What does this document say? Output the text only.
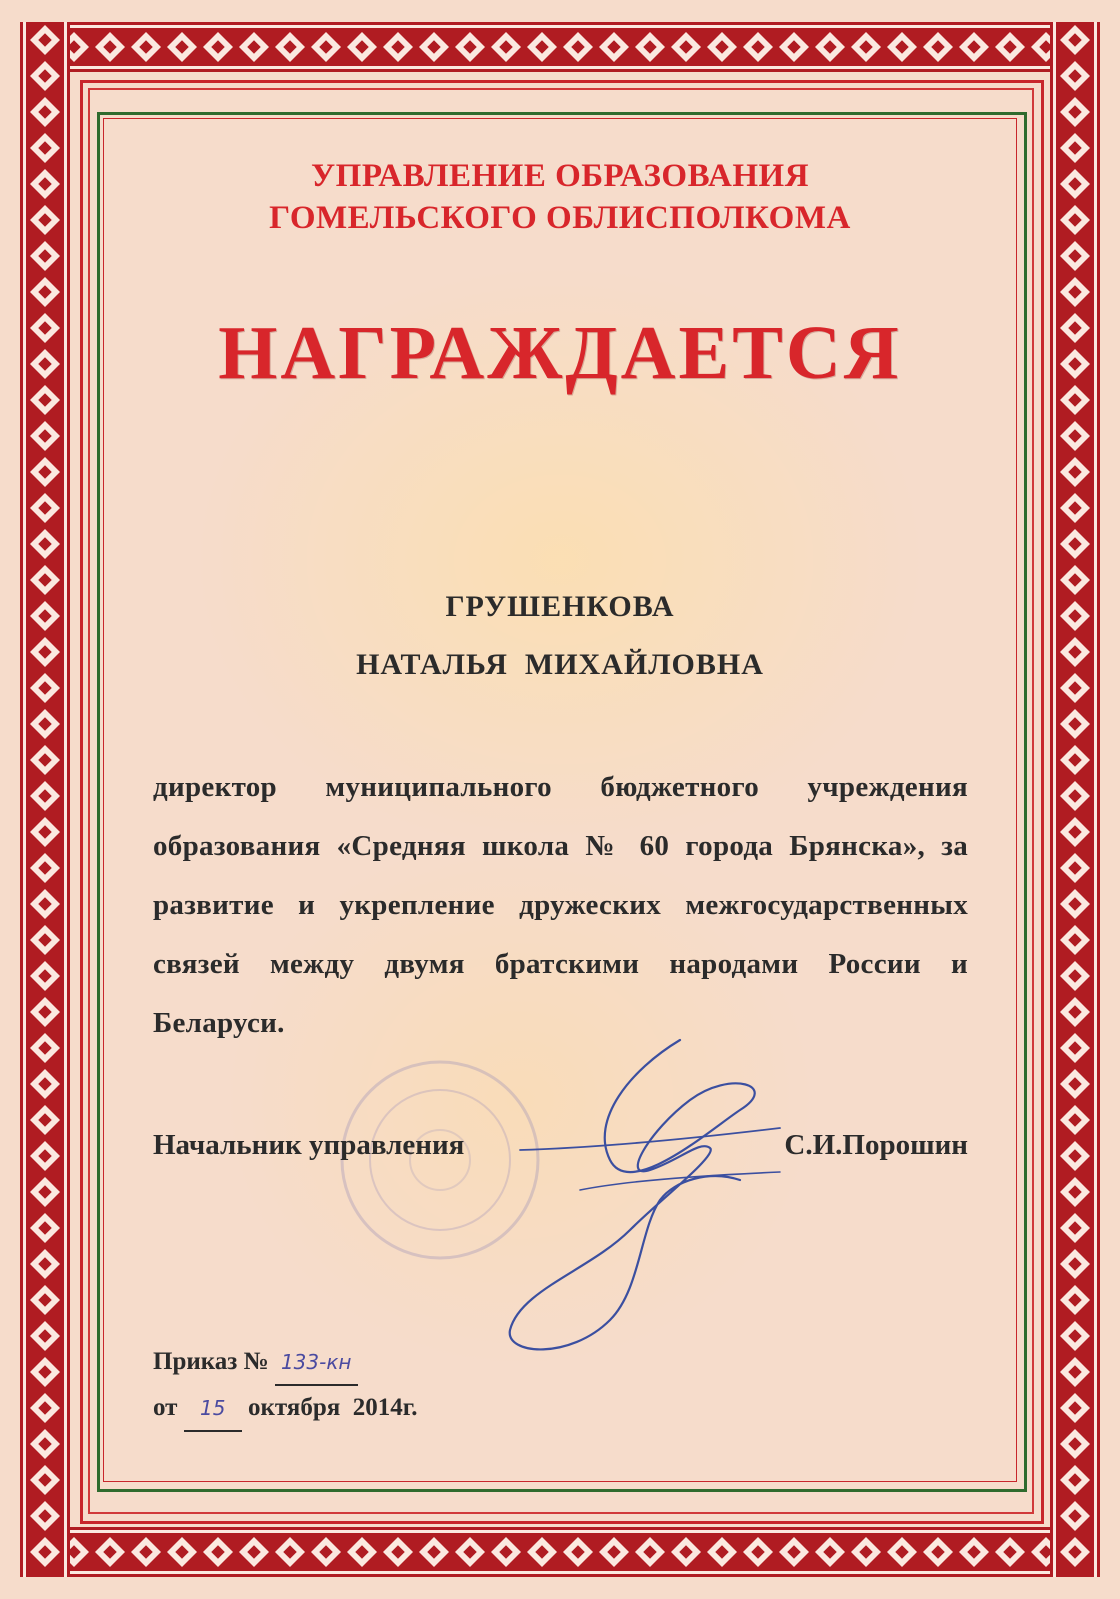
УПРАВЛЕНИЕ ОБРАЗОВАНИЯ
ГОМЕЛЬСКОГО ОБЛИСПОЛКОМА
НАГРАЖДАЕТСЯ
ГРУШЕНКОВА
НАТАЛЬЯ  МИХАЙЛОВНА
директор муниципального бюджетного учреждения образования «Средняя школа № 60 города Брянска», за развитие и укрепление дружеских межгосударственных связей между двумя братскими народами России и Беларуси.
Начальник управления	С.И.Порошин
Приказ № 133-кн
от 15 октября  2014г.
